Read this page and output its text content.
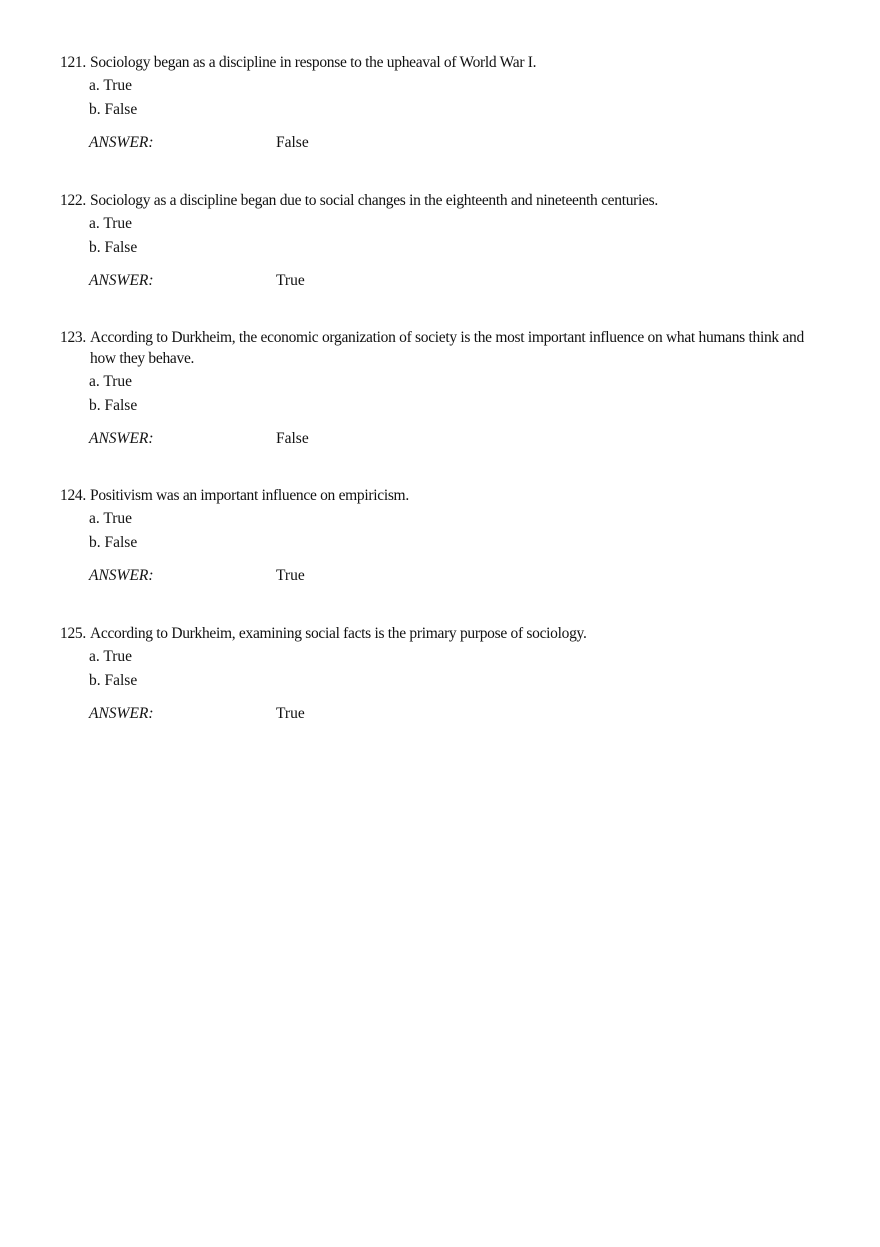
121. Sociology began as a discipline in response to the upheaval of World War I.
a. True
b. False
ANSWER:	False
122. Sociology as a discipline began due to social changes in the eighteenth and nineteenth centuries.
a. True
b. False
ANSWER:	True
123. According to Durkheim, the economic organization of society is the most important influence on what humans think and how they behave.
a. True
b. False
ANSWER:	False
124. Positivism was an important influence on empiricism.
a. True
b. False
ANSWER:	True
125. According to Durkheim, examining social facts is the primary purpose of sociology.
a. True
b. False
ANSWER:	True
